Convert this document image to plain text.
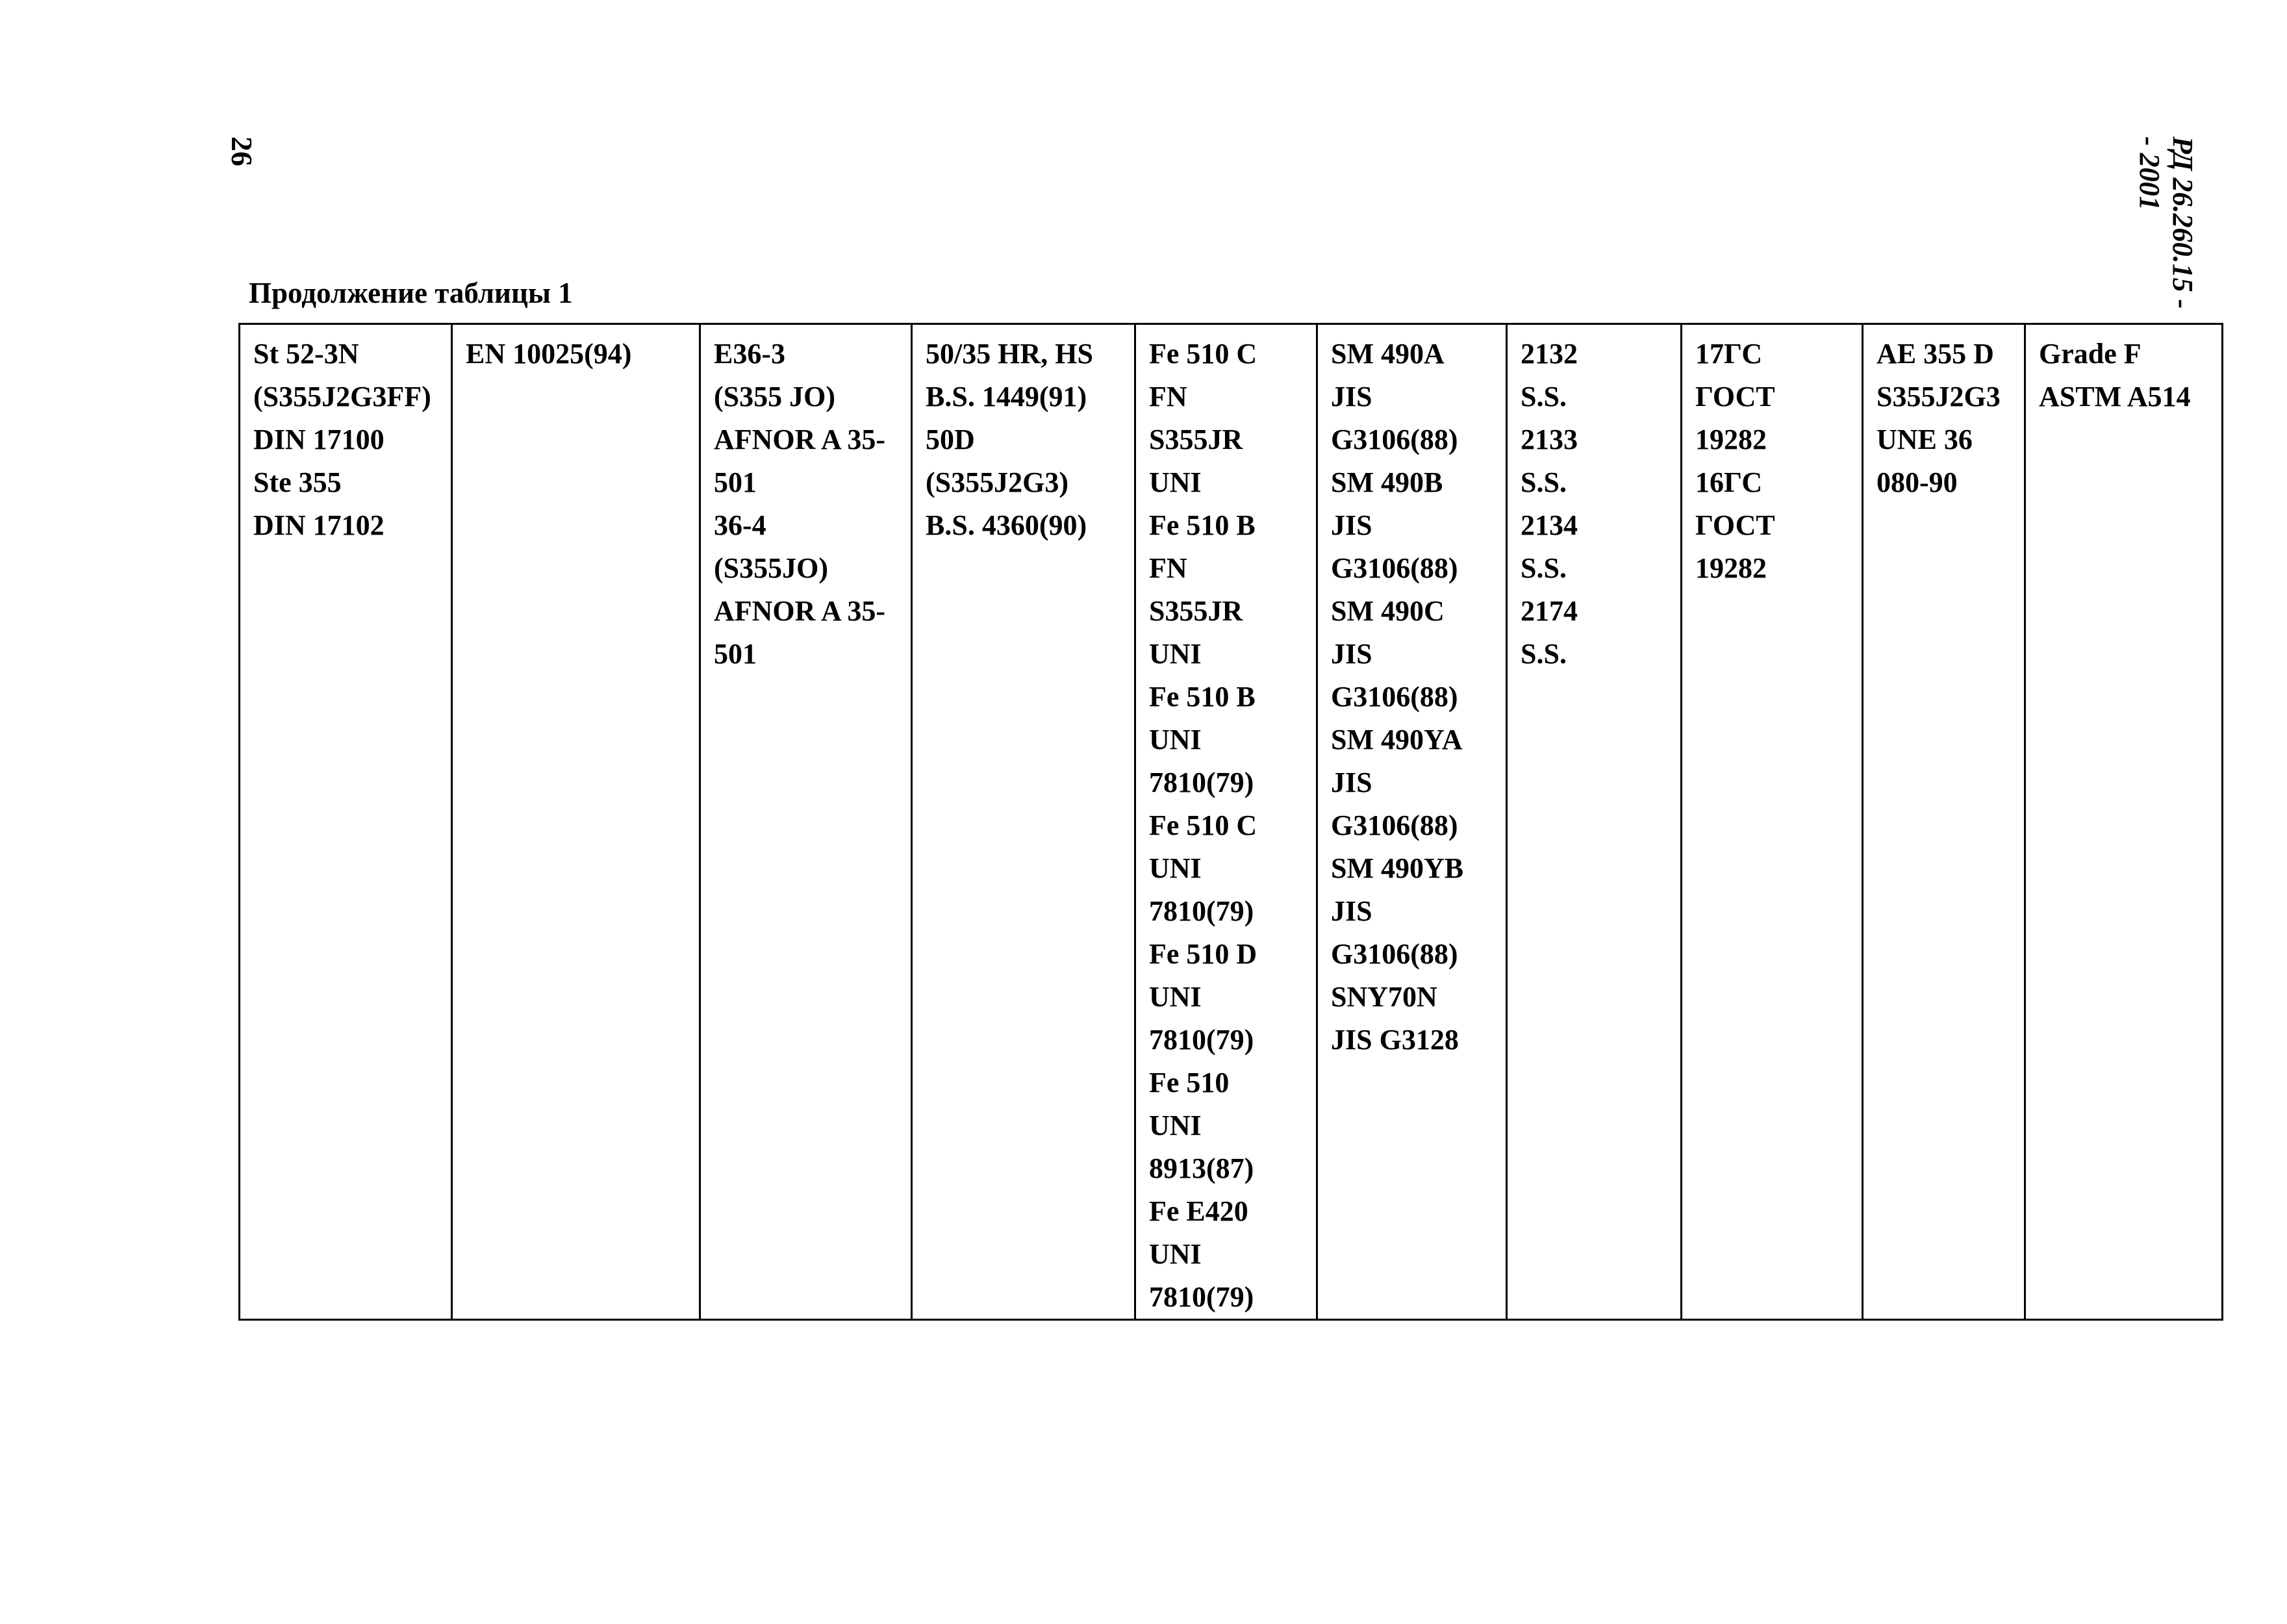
26	РД 26.260.15 -
- 2001
Продолжение таблицы 1
St 52-3N
(S355J2G3FF)
DIN 17100
Ste 355
DIN 17102

EN 10025(94)	E36-3
(S355 JO)
AFNOR A 35-
501
36-4
(S355JO)
AFNOR A 35-
501

50/35 HR, HS
B.S. 1449(91)
50D
(S355J2G3)
B.S. 4360(90)

Fe 510 C
FN
S355JR
UNI
Fe 510 B
FN
S355JR
UNI
Fe 510 B
UNI
7810(79)
Fe 510 C
UNI
7810(79)
Fe 510 D
UNI
7810(79)
Fe 510
UNI
8913(87)
Fe E420
UNI
7810(79)

SM 490A
JIS
G3106(88)
SM 490B
JIS
G3106(88)
SM 490C
JIS
G3106(88)
SM 490YA
JIS
G3106(88)
SM 490YB
JIS
G3106(88)
SNY70N
JIS G3128

2132
S.S.
2133
S.S.
2134
S.S.
2174
S.S.

17ГС
ГОСТ
19282
16ГС
ГОСТ
19282

AE 355 D
S355J2G3
UNE 36
080-90

Grade F
ASTM A514
